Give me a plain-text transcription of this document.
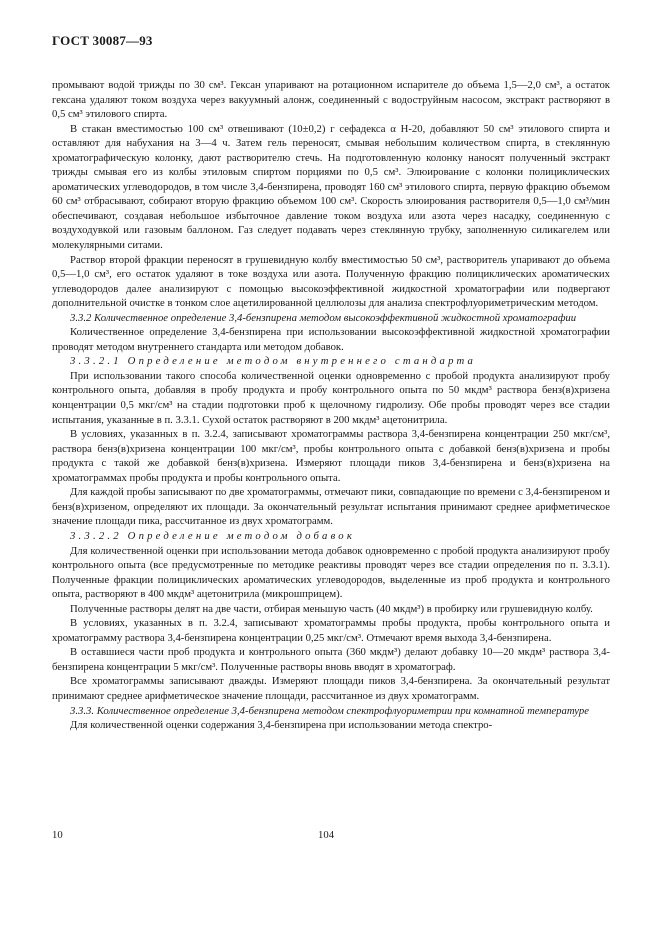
ГОСТ 30087—93

промывают водой трижды по 30 см³. Гексан упаривают на ротационном испарителе до объема 1,5—2,0 см³, а остаток гексана удаляют током воздуха через вакуумный алонж, соединенный с водоструйным насосом, экстракт растворяют в 0,5 см³ этилового спирта.

В стакан вместимостью 100 см³ отвешивают (10±0,2) г сефадекса α Н-20, добавляют 50 см³ этилового спирта и оставляют для набухания на 3—4 ч. Затем гель переносят, смывая небольшим количеством спирта, в стеклянную хроматографическую колонку, дают растворителю стечь. На подготовленную колонку наносят полученный экстракт трижды смывая его из колбы этиловым спиртом порциями по 0,5 см³. Элюирование с колонки полициклических ароматических углеводородов, в том числе 3,4-бензпирена, проводят 160 см³ этилового спирта, первую фракцию объемом 60 см³ отбрасывают, собирают вторую фракцию объемом 100 см³. Скорость элюирования растворителя 0,5—1,0 см³/мин обеспечивают, создавая небольшое избыточное давление током воздуха или азота через насадку, соединенную с воздуходувкой или газовым баллоном. Газ следует подавать через стеклянную трубку, заполненную силикагелем или молекулярными ситами.

Раствор второй фракции переносят в грушевидную колбу вместимостью 50 см³, растворитель упаривают до объема 0,5—1,0 см³, его остаток удаляют в токе воздуха или азота. Полученную фракцию полициклических ароматических углеводородов далее анализируют с помощью высокоэффективной жидкостной хроматографии или подвергают дополнительной очистке в тонком слое ацетилированной целлюлозы для анализа спектрофлуориметрическим методом.

3.3.2 Количественное определение 3,4-бензпирена методом высокоэффективной жидкостной хроматографии

Количественное определение 3,4-бензпирена при использовании высокоэффективной жидкостной хроматографии проводят методом внутреннего стандарта или методом добавок.

3.3.2.1 Определение методом внутреннего стандарта

При использовании такого способа количественной оценки одновременно с пробой продукта анализируют пробу контрольного опыта, добавляя в пробу продукта и пробу контрольного опыта по 50 мкдм³ раствора бенз(в)хризена концентрации 0,5 мкг/см³ на стадии подготовки проб к щелочному гидролизу. Обе пробы проводят через все стадии испытания, указанные в п. 3.3.1. Сухой остаток растворяют в 200 мкдм³ ацетонитрила.

В условиях, указанных в п. 3.2.4, записывают хроматограммы раствора 3,4-бензпирена концентрации 250 мкг/см³, раствора бенз(в)хризена концентрации 100 мкг/см³, пробы контрольного опыта с добавкой бенз(в)хризена и пробы продукта с такой же добавкой бенз(в)хризена. Измеряют площади пиков 3,4-бензпирена и бенз(в)хризена на хроматограммах пробы продукта и пробы контрольного опыта.

Для каждой пробы записывают по две хроматограммы, отмечают пики, совпадающие по времени с 3,4-бензпиреном и бенз(в)хризеном, определяют их площади. За окончательный результат испытания принимают среднее арифметическое значение площади пика, рассчитанное из двух хроматограмм.

3.3.2.2 Определение методом добавок

Для количественной оценки при использовании метода добавок одновременно с пробой продукта анализируют пробу контрольного опыта (все предусмотренные по методике реактивы проводят через все стадии определения по п. 3.3.1). Полученные фракции полициклических ароматических углеводородов, выделенные из проб продукта и контрольного опыта, растворяют в 400 мкдм³ ацетонитрила (микрошприцем).

Полученные растворы делят на две части, отбирая меньшую часть (40 мкдм³) в пробирку или грушевидную колбу.

В условиях, указанных в п. 3.2.4, записывают хроматограммы пробы продукта, пробы контрольного опыта и хроматограмму раствора 3,4-бензпирена концентрации 0,25 мкг/см³. Отмечают время выхода 3,4-бензпирена.

В оставшиеся части проб продукта и контрольного опыта (360 мкдм³) делают добавку 10—20 мкдм³ раствора 3,4-бензпирена концентрации 5 мкг/см³. Полученные растворы вновь вводят в хроматограф.

Все хроматограммы записывают дважды. Измеряют площади пиков 3,4-бензпирена. За окончательный результат принимают среднее арифметическое значение площади, рассчитанное из двух хроматограмм.

3.3.3. Количественное определение 3,4-бензпирена методом спектрофлуориметрии при комнатной температуре

Для количественной оценки содержания 3,4-бензпирена при использовании метода спектро-

10	104
